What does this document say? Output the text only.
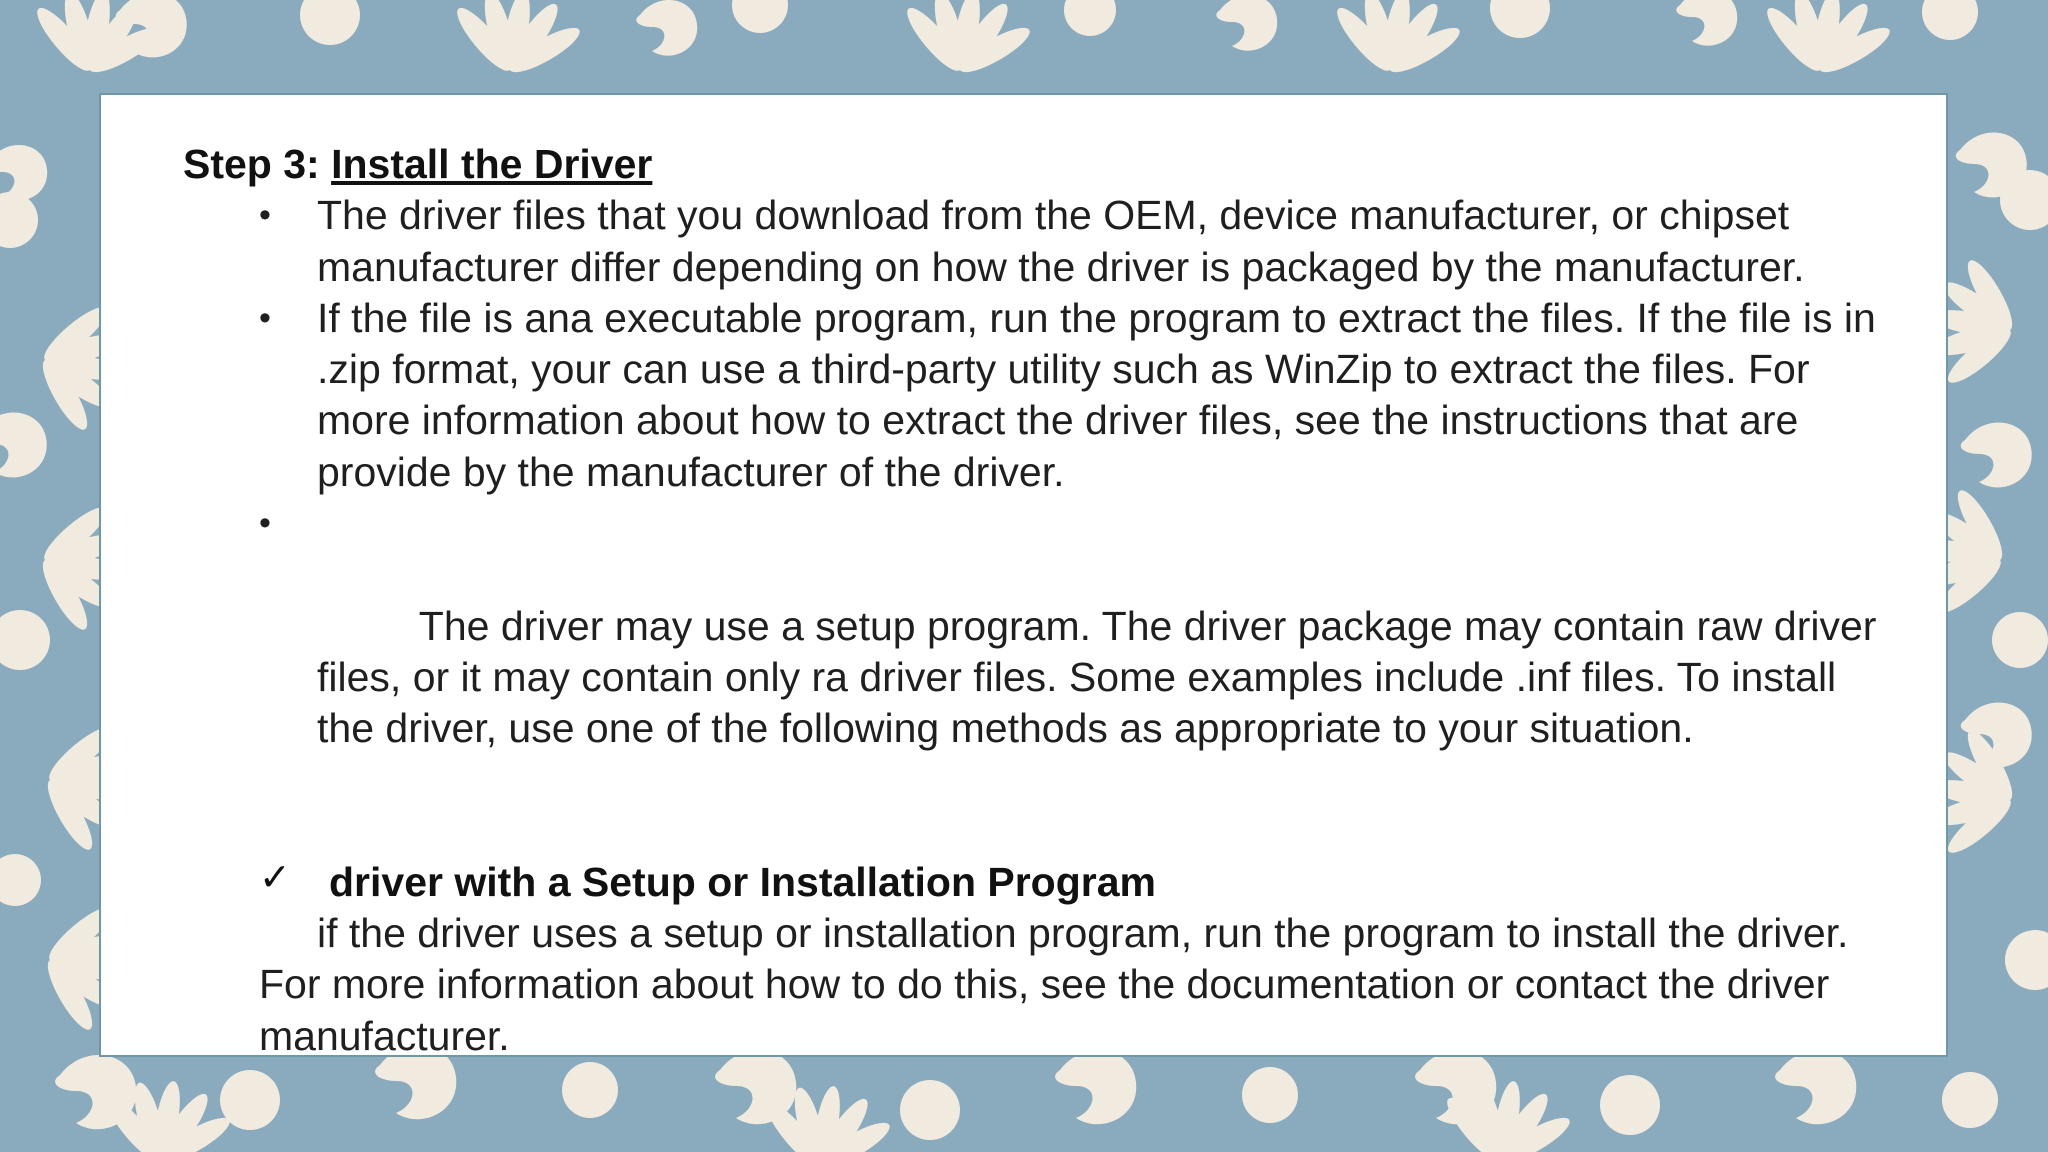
Step 3: Install the Driver
• The driver files that you download from the OEM, device manufacturer, or chipset manufacturer differ depending on how the driver is packaged by the manufacturer.
• If the file is ana executable program, run the program to extract the files. If the file is in .zip format, your can use a third-party utility such as WinZip to extract the files. For more information about how to extract the driver files, see the instructions that are provide by the manufacturer of the driver.

•

The driver may use a setup program. The driver package may contain raw driver files, or it may contain only ra driver files. Some examples include .inf files. To install the driver, use one of the following methods as appropriate to your situation.

✓ driver with a Setup or Installation Program
if the driver uses a setup or installation program, run the program to install the driver. For more information about how to do this, see the documentation or contact the driver manufacturer.
